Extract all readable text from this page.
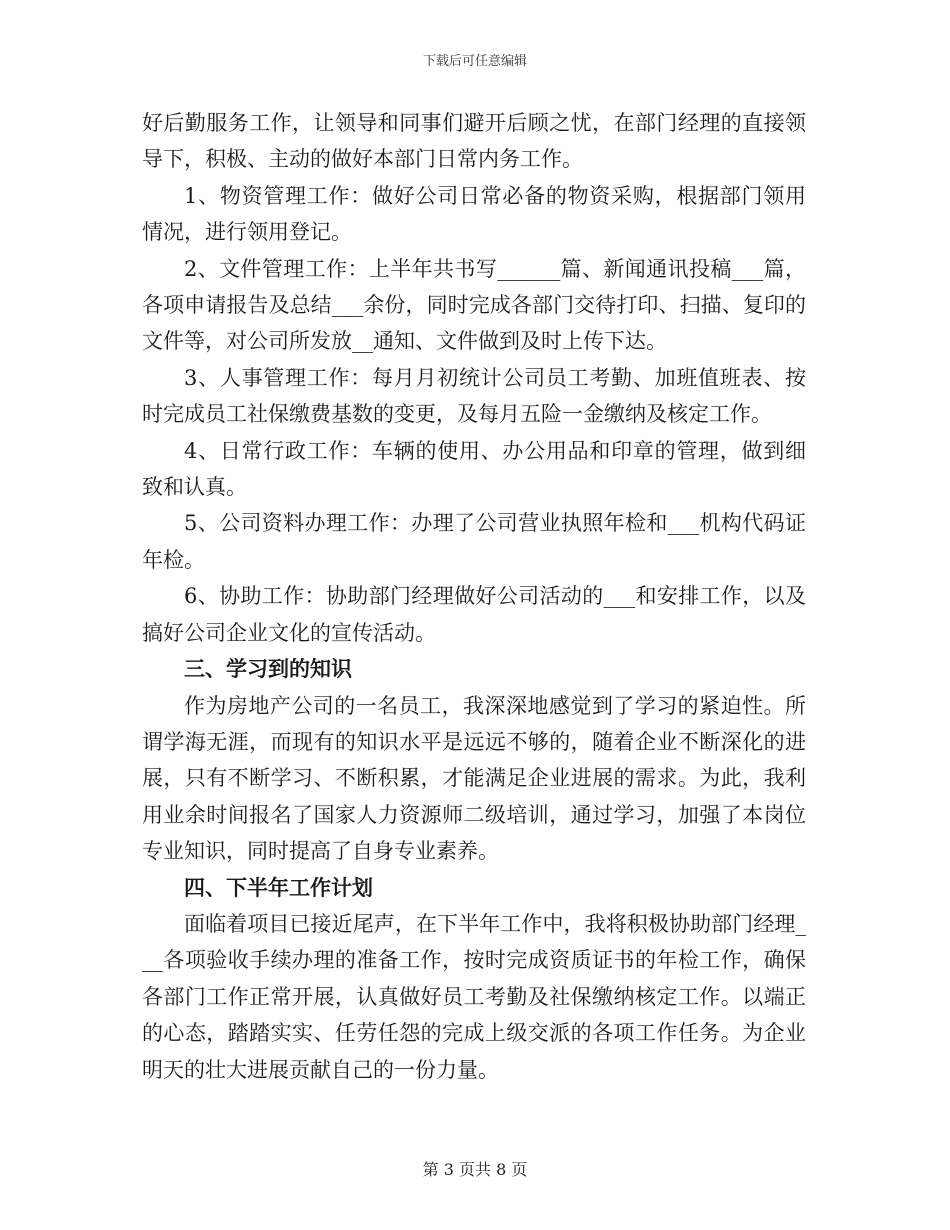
下载后可任意编辑

好后勤服务工作，让领导和同事们避开后顾之忧，在部门经理的直接领导下，积极、主动的做好本部门日常内务工作。

1、物资管理工作：做好公司日常必备的物资采购，根据部门领用情况，进行领用登记。

2、文件管理工作：上半年共书写______篇、新闻通讯投稿___篇，各项申请报告及总结___余份，同时完成各部门交待打印、扫描、复印的文件等，对公司所发放__通知、文件做到及时上传下达。

3、人事管理工作：每月月初统计公司员工考勤、加班值班表、按时完成员工社保缴费基数的变更，及每月五险一金缴纳及核定工作。

4、日常行政工作：车辆的使用、办公用品和印章的管理，做到细致和认真。

5、公司资料办理工作：办理了公司营业执照年检和___机构代码证年检。

6、协助工作：协助部门经理做好公司活动的___和安排工作，以及搞好公司企业文化的宣传活动。

三、学习到的知识

作为房地产公司的一名员工，我深深地感觉到了学习的紧迫性。所谓学海无涯，而现有的知识水平是远远不够的，随着企业不断深化的进展，只有不断学习、不断积累，才能满足企业进展的需求。为此，我利用业余时间报名了国家人力资源师二级培训，通过学习，加强了本岗位专业知识，同时提高了自身专业素养。

四、下半年工作计划

面临着项目已接近尾声，在下半年工作中，我将积极协助部门经理___各项验收手续办理的准备工作，按时完成资质证书的年检工作，确保各部门工作正常开展，认真做好员工考勤及社保缴纳核定工作。以端正的心态，踏踏实实、任劳任怨的完成上级交派的各项工作任务。为企业明天的壮大进展贡献自己的一份力量。

第 3 页共 8 页
